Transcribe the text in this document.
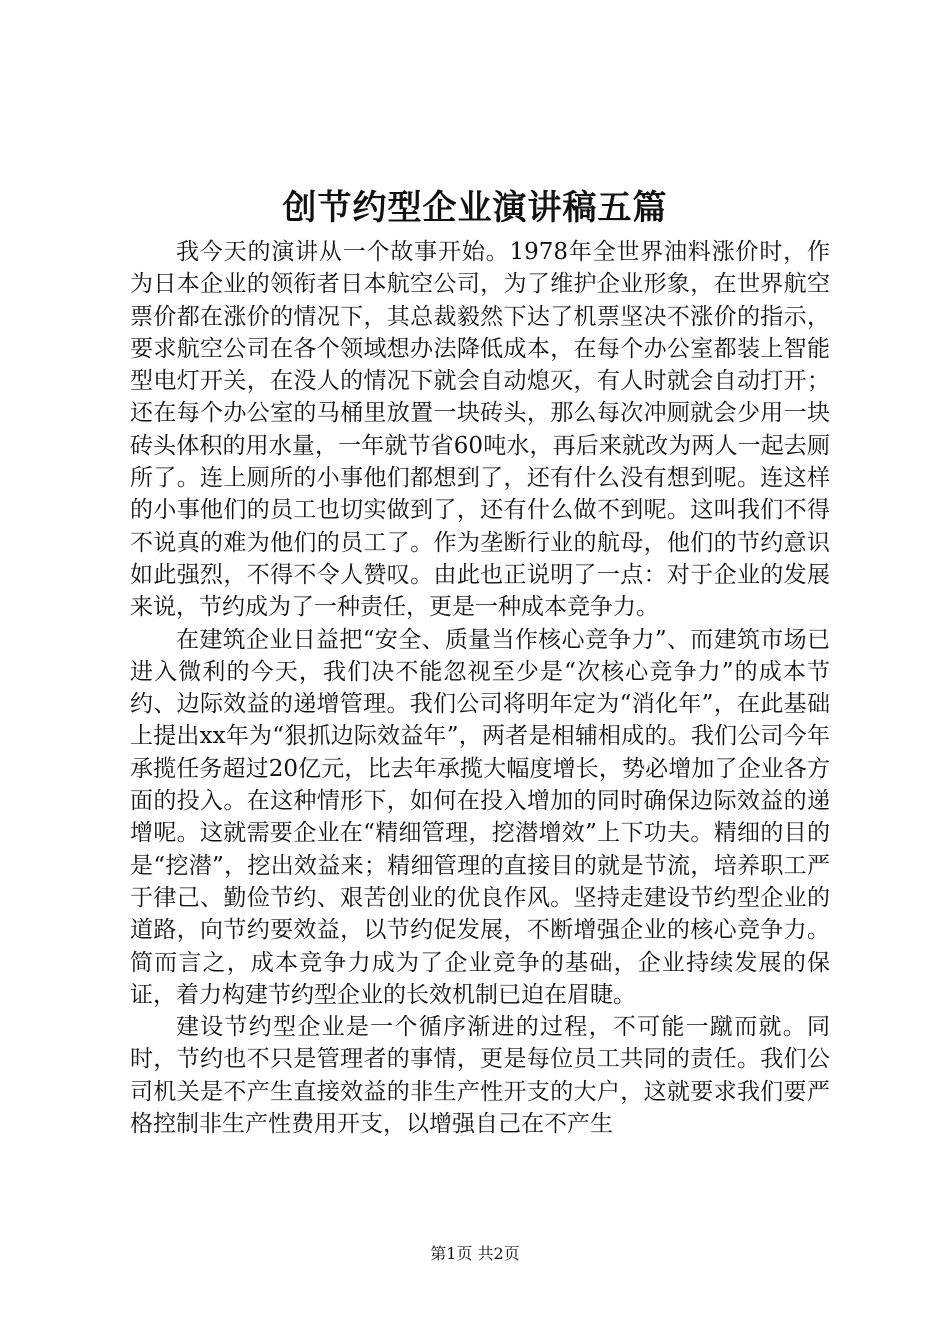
创节约型企业演讲稿五篇

我今天的演讲从一个故事开始。1978年全世界油料涨价时，作为日本企业的领衔者日本航空公司，为了维护企业形象，在世界航空票价都在涨价的情况下，其总裁毅然下达了机票坚决不涨价的指示，要求航空公司在各个领域想办法降低成本，在每个办公室都装上智能型电灯开关，在没人的情况下就会自动熄灭，有人时就会自动打开；还在每个办公室的马桶里放置一块砖头，那么每次冲厕就会少用一块砖头体积的用水量，一年就节省60吨水，再后来就改为两人一起去厕所了。连上厕所的小事他们都想到了，还有什么没有想到呢。连这样的小事他们的员工也切实做到了，还有什么做不到呢。这叫我们不得不说真的难为他们的员工了。作为垄断行业的航母，他们的节约意识如此强烈，不得不令人赞叹。由此也正说明了一点：对于企业的发展来说，节约成为了一种责任，更是一种成本竞争力。

在建筑企业日益把“安全、质量当作核心竞争力”、而建筑市场已进入微利的今天，我们决不能忽视至少是“次核心竞争力”的成本节约、边际效益的递增管理。我们公司将明年定为“消化年”，在此基础上提出xx年为“狠抓边际效益年”，两者是相辅相成的。我们公司今年承揽任务超过20亿元，比去年承揽大幅度增长，势必增加了企业各方面的投入。在这种情形下，如何在投入增加的同时确保边际效益的递增呢。这就需要企业在“精细管理，挖潜增效”上下功夫。精细的目的是“挖潜”，挖出效益来；精细管理的直接目的就是节流，培养职工严于律己、勤俭节约、艰苦创业的优良作风。坚持走建设节约型企业的道路，向节约要效益，以节约促发展，不断增强企业的核心竞争力。简而言之，成本竞争力成为了企业竞争的基础，企业持续发展的保证，着力构建节约型企业的长效机制已迫在眉睫。

建设节约型企业是一个循序渐进的过程，不可能一蹴而就。同时，节约也不只是管理者的事情，更是每位员工共同的责任。我们公司机关是不产生直接效益的非生产性开支的大户，这就要求我们要严格控制非生产性费用开支，以增强自己在不产生

第1页 共2页
